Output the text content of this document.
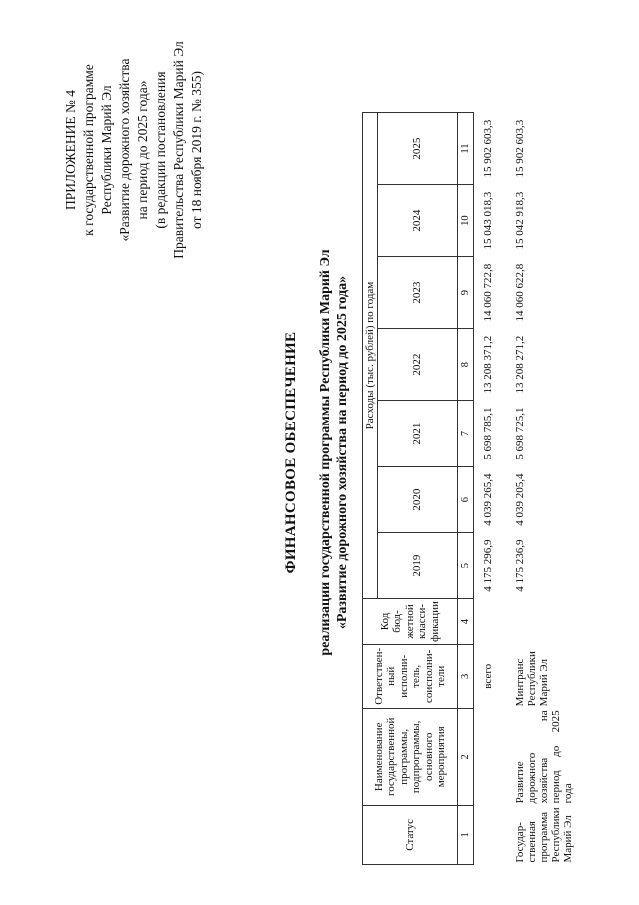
ПРИЛОЖЕНИЕ № 4 к государственной программе Республики Марий Эл «Развитие дорожного хозяйства на период до 2025 года» (в редакции постановления Правительства Республики Марий Эл от 18 ноября 2019 г. № 355)
ФИНАНСОВОЕ ОБЕСПЕЧЕНИЕ реализации государственной программы Республики Марий Эл «Развитие дорожного хозяйства на период до 2025 года»
Статус	Наименование государственной программы, подпрограммы, основного мероприятия	Ответствен-ный исполни-тель, соисполни-тели	Код бюд-жетной класси-фикации	Расходы (тыс. рублей) по годам						
				2019	2020	2021	2022	2023	2024	2025
1	2	3	4	5	6	7	8	9	10	11
		всего		4 175 296,9	4 039 265,4	5 698 785,1	13 208 371,2	14 060 722,8	15 043 018,3	15 902 603,3
Государ-ственная программа Республики Марий Эл	Развитие дорожного хозяйства на период до 2025 года	Минтранс Республики Марий Эл		4 175 236,9	4 039 205,4	5 698 725,1	13 208 271,2	14 060 622,8	15 042 918,3	15 902 603,3
